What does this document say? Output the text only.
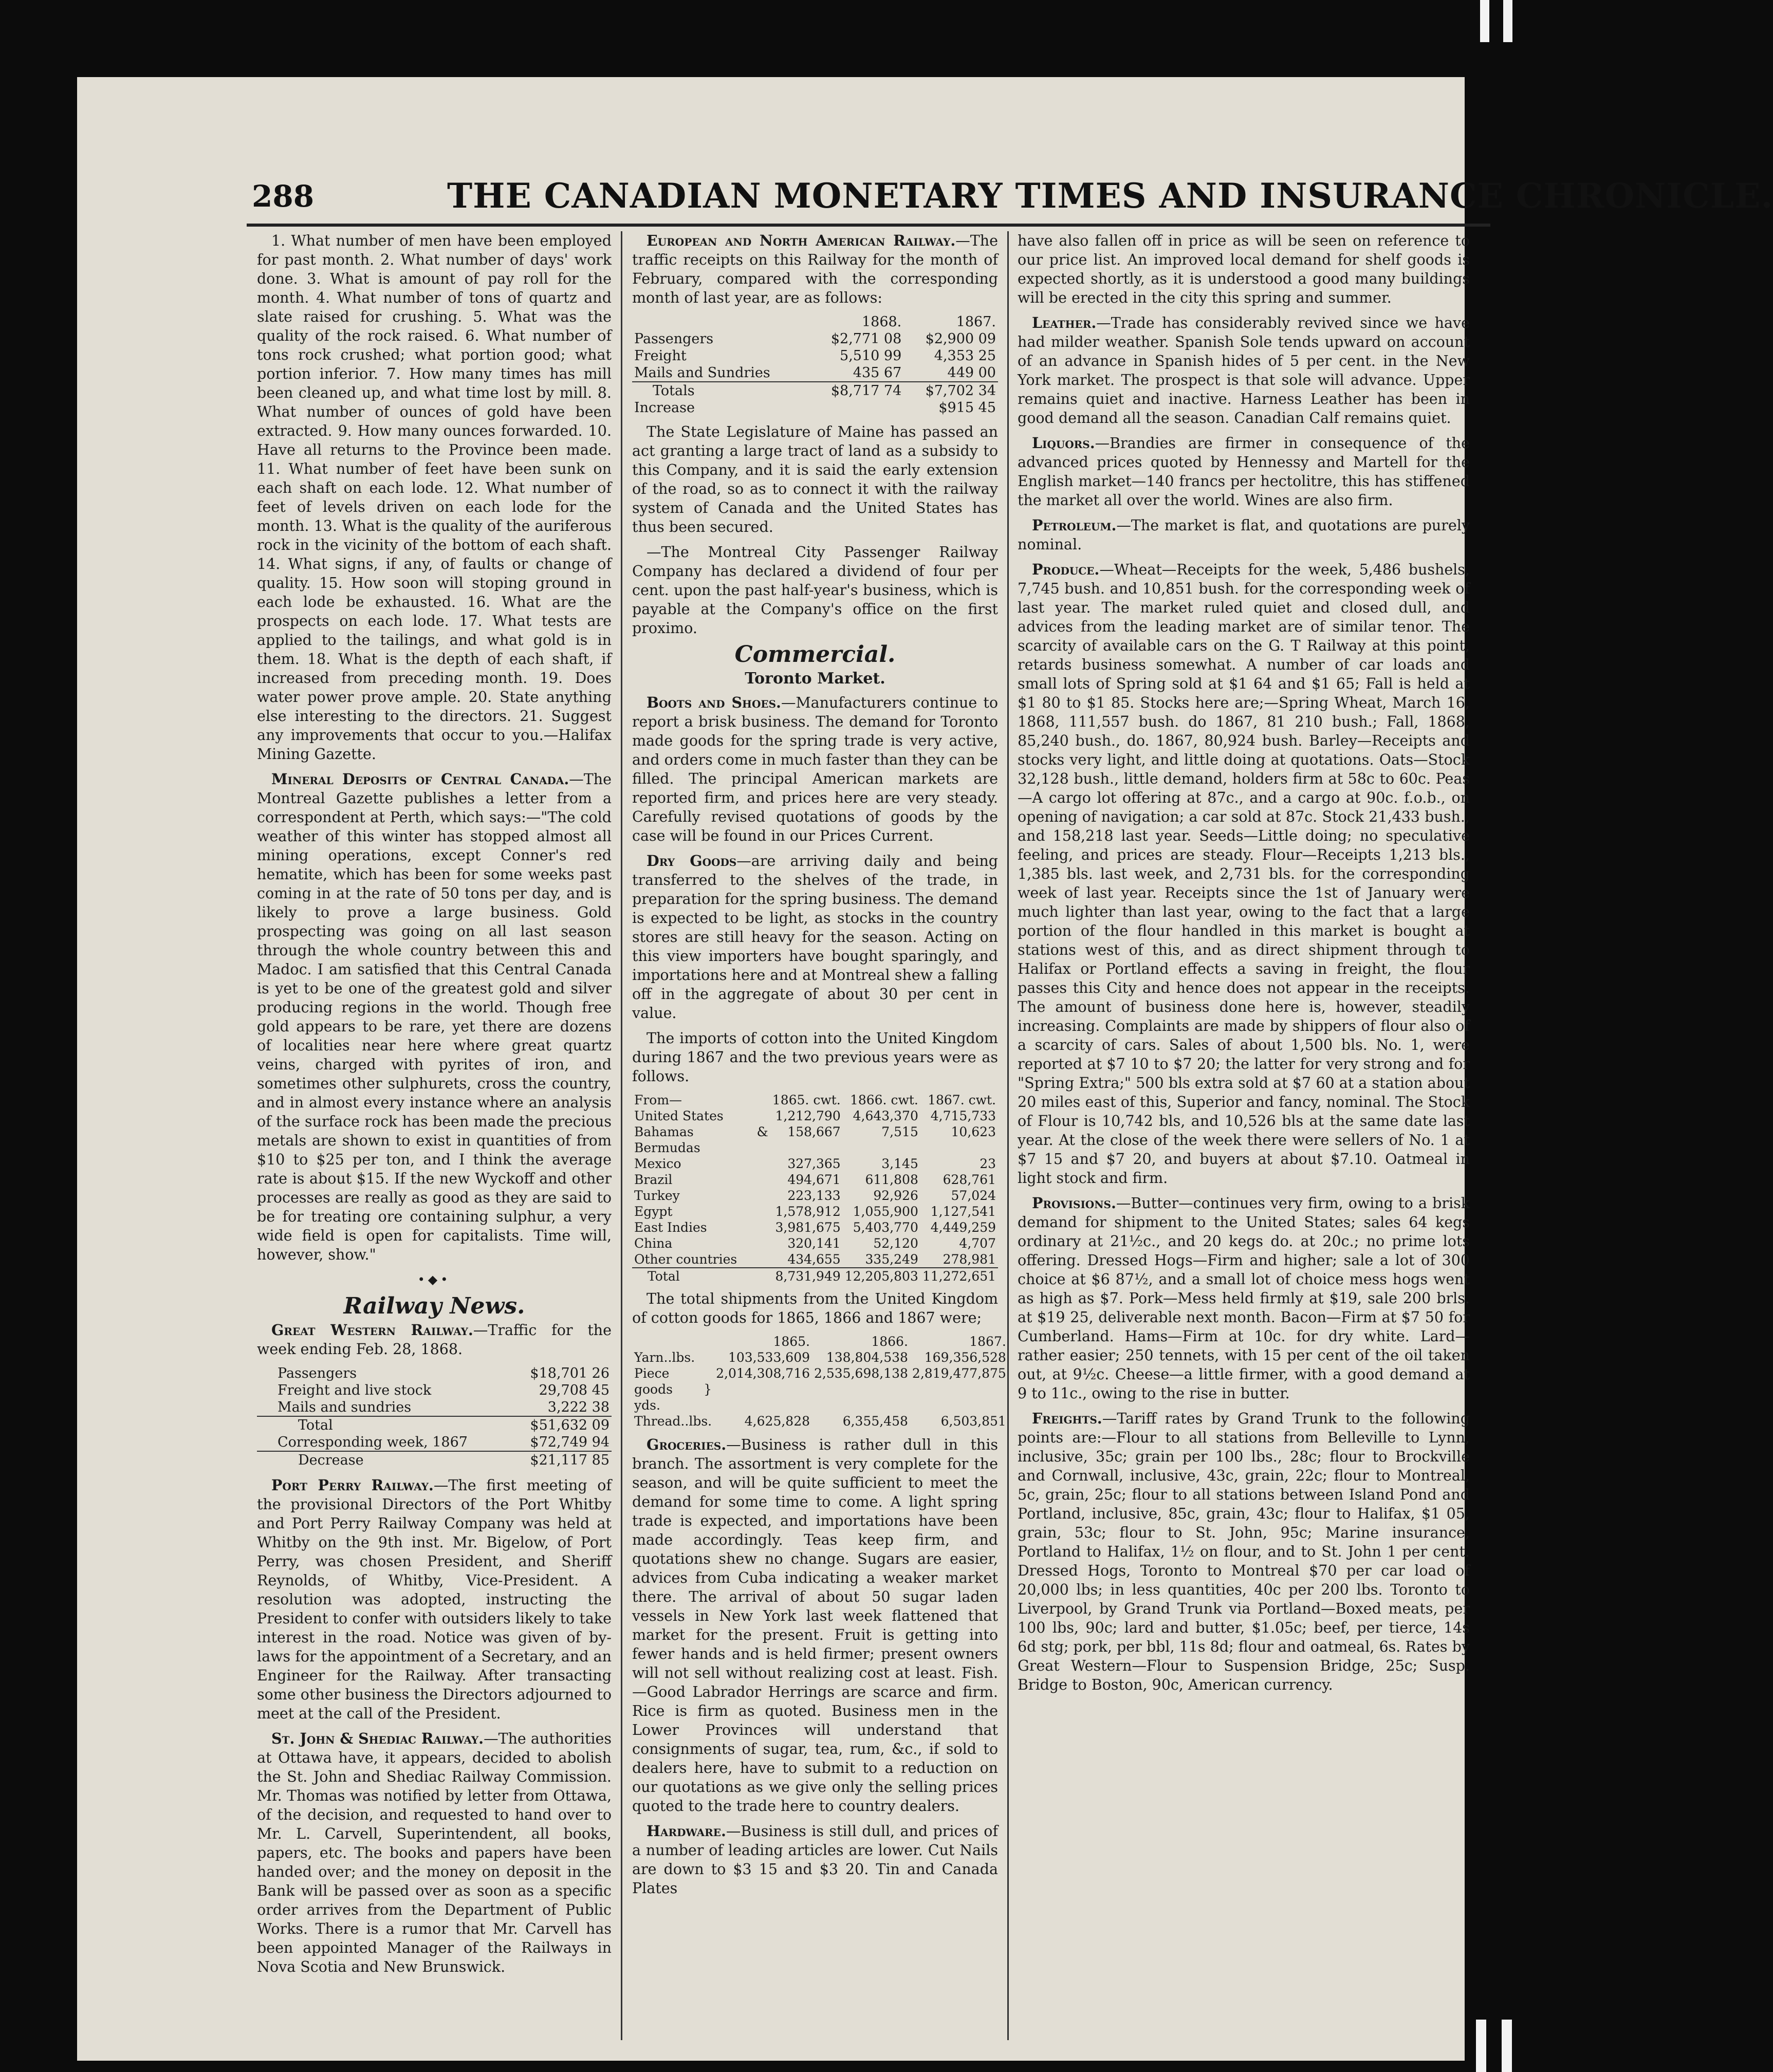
288	THE CANADIAN MONETARY TIMES AND INSURANCE CHRONICLE.

1. What number of men have been employed for past month. 2. What number of days' work done. 3. What is amount of pay roll for the month. 4. What number of tons of quartz and slate raised for crushing. 5. What was the quality of the rock raised. 6. What number of tons rock crushed; what portion good; what portion inferior. 7. How many times has mill been cleaned up, and what time lost by mill. 8. What number of ounces of gold have been extracted. 9. How many ounces forwarded. 10. Have all returns to the Province been made. 11. What number of feet have been sunk on each shaft on each lode. 12. What number of feet of levels driven on each lode for the month. 13. What is the quality of the auriferous rock in the vicinity of the bottom of each shaft. 14. What signs, if any, of faults or change of quality. 15. How soon will stoping ground in each lode be exhausted. 16. What are the prospects on each lode. 17. What tests are applied to the tailings, and what gold is in them. 18. What is the depth of each shaft, if increased from preceding month. 19. Does water power prove ample. 20. State anything else interesting to the directors. 21. Suggest any improvements that occur to you.—Halifax Mining Gazette.

Mineral Deposits of Central Canada.—The Montreal Gazette publishes a letter from a correspondent at Perth, which says:—"The cold weather of this winter has stopped almost all mining operations, except Conner's red hematite, which has been for some weeks past coming in at the rate of 50 tons per day, and is likely to prove a large business. Gold prospecting was going on all last season through the whole country between this and Madoc. I am satisfied that this Central Canada is yet to be one of the greatest gold and silver producing regions in the world. Though free gold appears to be rare, yet there are dozens of localities near here where great quartz veins, charged with pyrites of iron, and sometimes other sulphurets, cross the country, and in almost every instance where an analysis of the surface rock has been made the precious metals are shown to exist in quantities of from $10 to $25 per ton, and I think the average rate is about $15. If the new Wyckoff and other processes are really as good as they are said to be for treating ore containing sulphur, a very wide field is open for capitalists. Time will, however, show."

•◆•
Railway News.

Great Western Railway.—Traffic for the week ending Feb. 28, 1868.

Passengers	$18,701 26
Freight and live stock	29,708 45
Mails and sundries	3,222 38
Total	$51,632 09
Corresponding week, 1867	$72,749 94
Decrease	$21,117 85

Port Perry Railway.—The first meeting of the provisional Directors of the Port Whitby and Port Perry Railway Company was held at Whitby on the 9th inst. Mr. Bigelow, of Port Perry, was chosen President, and Sheriff Reynolds, of Whitby, Vice-President. A resolution was adopted, instructing the President to confer with outsiders likely to take interest in the road. Notice was given of by-laws for the appointment of a Secretary, and an Engineer for the Railway. After transacting some other business the Directors adjourned to meet at the call of the President.

St. John & Shediac Railway.—The authorities at Ottawa have, it appears, decided to abolish the St. John and Shediac Railway Commission. Mr. Thomas was notified by letter from Ottawa, of the decision, and requested to hand over to Mr. L. Carvell, Superintendent, all books, papers, etc. The books and papers have been handed over; and the money on deposit in the Bank will be passed over as soon as a specific order arrives from the Department of Public Works. There is a rumor that Mr. Carvell has been appointed Manager of the Railways in Nova Scotia and New Brunswick.

European and North American Railway.—The traffic receipts on this Railway for the month of February, compared with the corresponding month of last year, are as follows:

	1868.	1867.
Passengers	$2,771 08	$2,900 09
Freight	5,510 99	4,353 25
Mails and Sundries	435 67	449 00
Totals	$8,717 74	$7,702 34
Increase		$915 45

The State Legislature of Maine has passed an act granting a large tract of land as a subsidy to this Company, and it is said the early extension of the road, so as to connect it with the railway system of Canada and the United States has thus been secured.

—The Montreal City Passenger Railway Company has declared a dividend of four per cent. upon the past half-year's business, which is payable at the Company's office on the first proximo.

Commercial.
Toronto Market.

Boots and Shoes.—Manufacturers continue to report a brisk business. The demand for Toronto made goods for the spring trade is very active, and orders come in much faster than they can be filled. The principal American markets are reported firm, and prices here are very steady. Carefully revised quotations of goods by the case will be found in our Prices Current.

Dry Goods—are arriving daily and being transferred to the shelves of the trade, in preparation for the spring business. The demand is expected to be light, as stocks in the country stores are still heavy for the season. Acting on this view importers have bought sparingly, and importations here and at Montreal shew a falling off in the aggregate of about 30 per cent in value.

The imports of cotton into the United Kingdom during 1867 and the two previous years were as follows.

From—	1865. cwt.	1866. cwt.	1867. cwt.
United States	1,212,790	4,643,370	4,715,733
Bahamas & Bermudas	158,667	7,515	10,623
Mexico	327,365	3,145	23
Brazil	494,671	611,808	628,761
Turkey	223,133	92,926	57,024
Egypt	1,578,912	1,055,900	1,127,541
East Indies	3,981,675	5,403,770	4,449,259
China	320,141	52,120	4,707
Other countries	434,655	335,249	278,981
Total	8,731,949	12,205,803	11,272,651

The total shipments from the United Kingdom of cotton goods for 1865, 1866 and 1867 were;

	1865.	1866.	1867.
Yarn..lbs.	103,533,609	138,804,538	169,356,528
Piece goods } yds.	2,014,308,716	2,535,698,138	2,819,477,875
Thread..lbs.	4,625,828	6,355,458	6,503,851

Groceries.—Business is rather dull in this branch. The assortment is very complete for the season, and will be quite sufficient to meet the demand for some time to come. A light spring trade is expected, and importations have been made accordingly. Teas keep firm, and quotations shew no change. Sugars are easier, advices from Cuba indicating a weaker market there. The arrival of about 50 sugar laden vessels in New York last week flattened that market for the present. Fruit is getting into fewer hands and is held firmer; present owners will not sell without realizing cost at least. Fish.—Good Labrador Herrings are scarce and firm. Rice is firm as quoted. Business men in the Lower Provinces will understand that consignments of sugar, tea, rum, &c., if sold to dealers here, have to submit to a reduction on our quotations as we give only the selling prices quoted to the trade here to country dealers.

Hardware.—Business is still dull, and prices of a number of leading articles are lower. Cut Nails are down to $3 15 and $3 20. Tin and Canada Plates

have also fallen off in price as will be seen on reference to our price list. An improved local demand for shelf goods is expected shortly, as it is understood a good many buildings will be erected in the city this spring and summer.

Leather.—Trade has considerably revived since we have had milder weather. Spanish Sole tends upward on account of an advance in Spanish hides of 5 per cent. in the New York market. The prospect is that sole will advance. Upper remains quiet and inactive. Harness Leather has been in good demand all the season. Canadian Calf remains quiet.

Liquors.—Brandies are firmer in consequence of the advanced prices quoted by Hennessy and Martell for the English market—140 francs per hectolitre, this has stiffened the market all over the world. Wines are also firm.

Petroleum.—The market is flat, and quotations are purely nominal.

Produce.—Wheat—Receipts for the week, 5,486 bushels, 7,745 bush. and 10,851 bush. for the corresponding week of last year. The market ruled quiet and closed dull, and advices from the leading market are of similar tenor. The scarcity of available cars on the G. T Railway at this point, retards business somewhat. A number of car loads and small lots of Spring sold at $1 64 and $1 65; Fall is held at $1 80 to $1 85. Stocks here are;—Spring Wheat, March 16, 1868, 111,557 bush. do 1867, 81 210 bush.; Fall, 1868, 85,240 bush., do. 1867, 80,924 bush. Barley—Receipts and stocks very light, and little doing at quotations. Oats—Stock 32,128 bush., little demand, holders firm at 58c to 60c. Peas—A cargo lot offering at 87c., and a cargo at 90c. f.o.b., on opening of navigation; a car sold at 87c. Stock 21,433 bush., and 158,218 last year. Seeds—Little doing; no speculative feeling, and prices are steady. Flour—Receipts 1,213 bls., 1,385 bls. last week, and 2,731 bls. for the corresponding week of last year. Receipts since the 1st of January were much lighter than last year, owing to the fact that a large portion of the flour handled in this market is bought at stations west of this, and as direct shipment through to Halifax or Portland effects a saving in freight, the flour passes this City and hence does not appear in the receipts. The amount of business done here is, however, steadily increasing. Complaints are made by shippers of flour also of a scarcity of cars. Sales of about 1,500 bls. No. 1, were reported at $7 10 to $7 20; the latter for very strong and for "Spring Extra;" 500 bls extra sold at $7 60 at a station about 20 miles east of this, Superior and fancy, nominal. The Stock of Flour is 10,742 bls, and 10,526 bls at the same date last year. At the close of the week there were sellers of No. 1 at $7 15 and $7 20, and buyers at about $7.10. Oatmeal in light stock and firm.

Provisions.—Butter—continues very firm, owing to a brisk demand for shipment to the United States; sales 64 kegs ordinary at 21½c., and 20 kegs do. at 20c.; no prime lots offering. Dressed Hogs—Firm and higher; sale a lot of 300 choice at $6 87½, and a small lot of choice mess hogs went as high as $7. Pork—Mess held firmly at $19, sale 200 brls. at $19 25, deliverable next month. Bacon—Firm at $7 50 for Cumberland. Hams—Firm at 10c. for dry white. Lard—rather easier; 250 tennets, with 15 per cent of the oil taken out, at 9½c. Cheese—a little firmer, with a good demand at 9 to 11c., owing to the rise in butter.

Freights.—Tariff rates by Grand Trunk to the following points are:—Flour to all stations from Belleville to Lynn, inclusive, 35c; grain per 100 lbs., 28c; flour to Brockville and Cornwall, inclusive, 43c, grain, 22c; flour to Montreal, 5c, grain, 25c; flour to all stations between Island Pond and Portland, inclusive, 85c, grain, 43c; flour to Halifax, $1 05, grain, 53c; flour to St. John, 95c; Marine insurance, Portland to Halifax, 1½ on flour, and to St. John 1 per cent. Dressed Hogs, Toronto to Montreal $70 per car load of 20,000 lbs; in less quantities, 40c per 200 lbs. Toronto to Liverpool, by Grand Trunk via Portland—Boxed meats, per 100 lbs, 90c; lard and butter, $1.05c; beef, per tierce, 14s 6d stg; pork, per bbl, 11s 8d; flour and oatmeal, 6s. Rates by Great Western—Flour to Suspension Bridge, 25c; Susp. Bridge to Boston, 90c, American currency.
